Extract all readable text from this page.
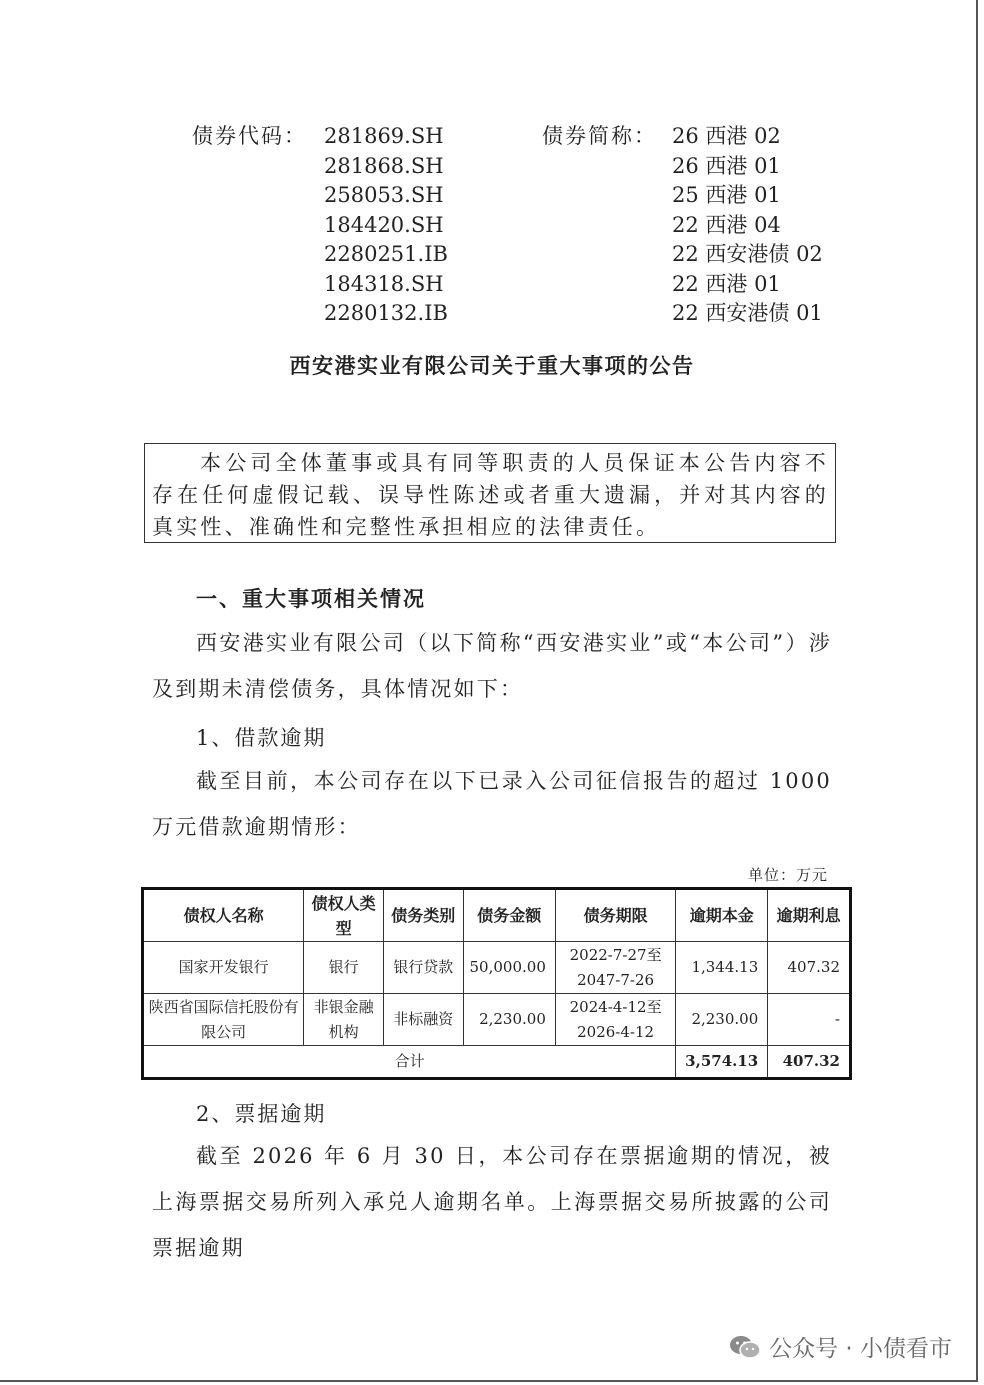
债券代码： 281869.SH	债券简称： 26 西港 02
281868.SH	26 西港 01
258053.SH	25 西港 01
184420.SH	22 西港 04
2280251.IB	22 西安港债 02
184318.SH	22 西港 01
2280132.IB	22 西安港债 01
西安港实业有限公司关于重大事项的公告
本公司全体董事或具有同等职责的人员保证本公告内容不存在任何虚假记载、误导性陈述或者重大遗漏，并对其内容的真实性、准确性和完整性承担相应的法律责任。
一、重大事项相关情况
西安港实业有限公司（以下简称“西安港实业”或“本公司”）涉及到期未清偿债务，具体情况如下：
1、借款逾期
截至目前，本公司存在以下已录入公司征信报告的超过 1000 万元借款逾期情形：
单位：万元
债权人名称	债权人类型	债务类别	债务金额	债务期限	逾期本金	逾期利息
国家开发银行	银行	银行贷款	50,000.00	2022-7-27至2047-7-26	1,344.13	407.32
陕西省国际信托股份有限公司	非银金融机构	非标融资	2,230.00	2024-4-12至2026-4-12	2,230.00	-
合计					3,574.13	407.32
2、票据逾期
截至 2026 年 6 月 30 日，本公司存在票据逾期的情况，被上海票据交易所列入承兑人逾期名单。上海票据交易所披露的公司票据逾期
公众号 · 小债看市
